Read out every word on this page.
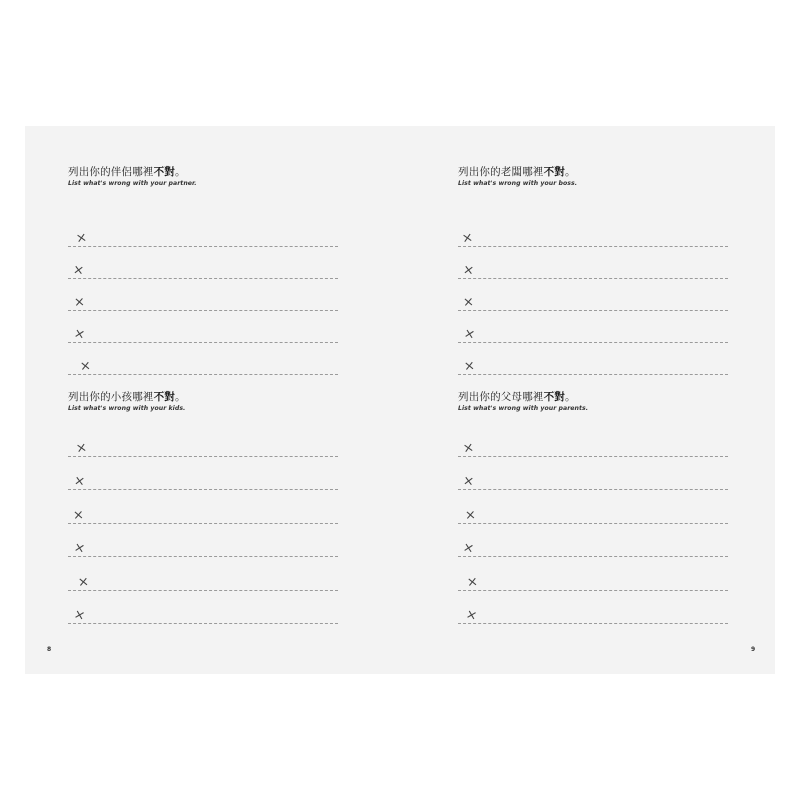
列出你的伴侶哪裡不對。
List what's wrong with your partner.
×
×
×
×
×
列出你的老闆哪裡不對。
List what's wrong with your boss.
×
×
×
×
×
列出你的小孩哪裡不對。
List what's wrong with your kids.
×
×
×
×
×
×
列出你的父母哪裡不對。
List what's wrong with your parents.
×
×
×
×
×
×
8	9
